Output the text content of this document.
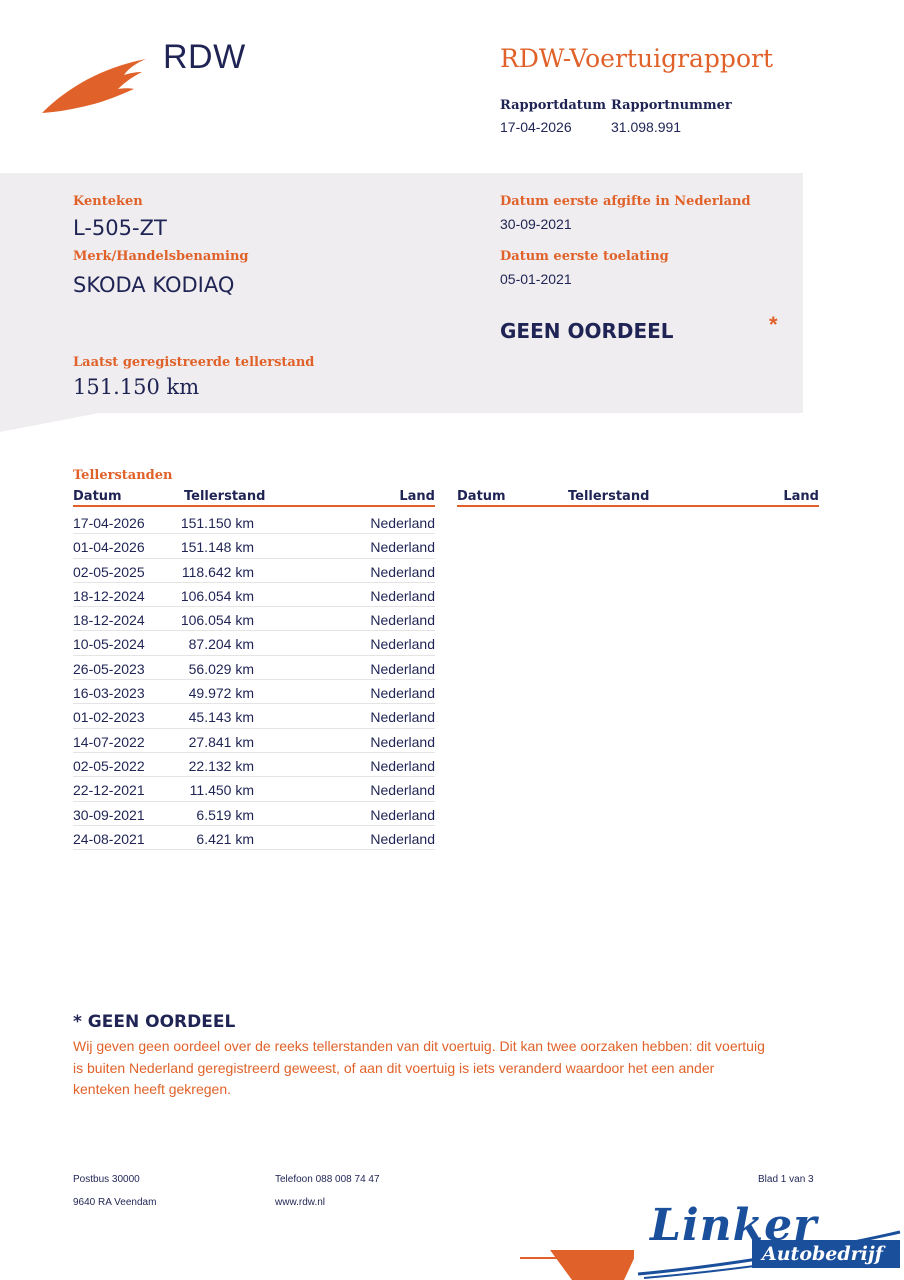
RDW	RDW-Voertuigrapport
Rapportdatum
17-04-2026
Rapportnummer
31.098.991
Kenteken
L-505-ZT
Merk/Handelsbenaming
SKODA KODIAQ
Laatst geregistreerde tellerstand
151.150 km
Datum eerste afgifte in Nederland
30-09-2021
Datum eerste toelating
05-01-2021
GEEN OORDEEL	*
Tellerstanden
Datum	Tellerstand	Land Datum	Tellerstand	Land
17-04-2026	151.150 km	Nederland
01-04-2026	151.148 km	Nederland
02-05-2025	118.642 km	Nederland
18-12-2024	106.054 km	Nederland
18-12-2024	106.054 km	Nederland
10-05-2024	87.204 km	Nederland
26-05-2023	56.029 km	Nederland
16-03-2023	49.972 km	Nederland
01-02-2023	45.143 km	Nederland
14-07-2022	27.841 km	Nederland
02-05-2022	22.132 km	Nederland
22-12-2021	11.450 km	Nederland
30-09-2021	6.519 km	Nederland
24-08-2021	6.421 km	Nederland
* GEEN OORDEEL
Wij geven geen oordeel over de reeks tellerstanden van dit voertuig. Dit kan twee oorzaken hebben: dit voertuig is buiten Nederland geregistreerd geweest, of aan dit voertuig is iets veranderd waardoor het een ander kenteken heeft gekregen.
Postbus 30000
9640 RA Veendam
Telefoon 088 008 74 47
www.rdw.nl
Blad 1 van 3
Linker
Autobedrijf
